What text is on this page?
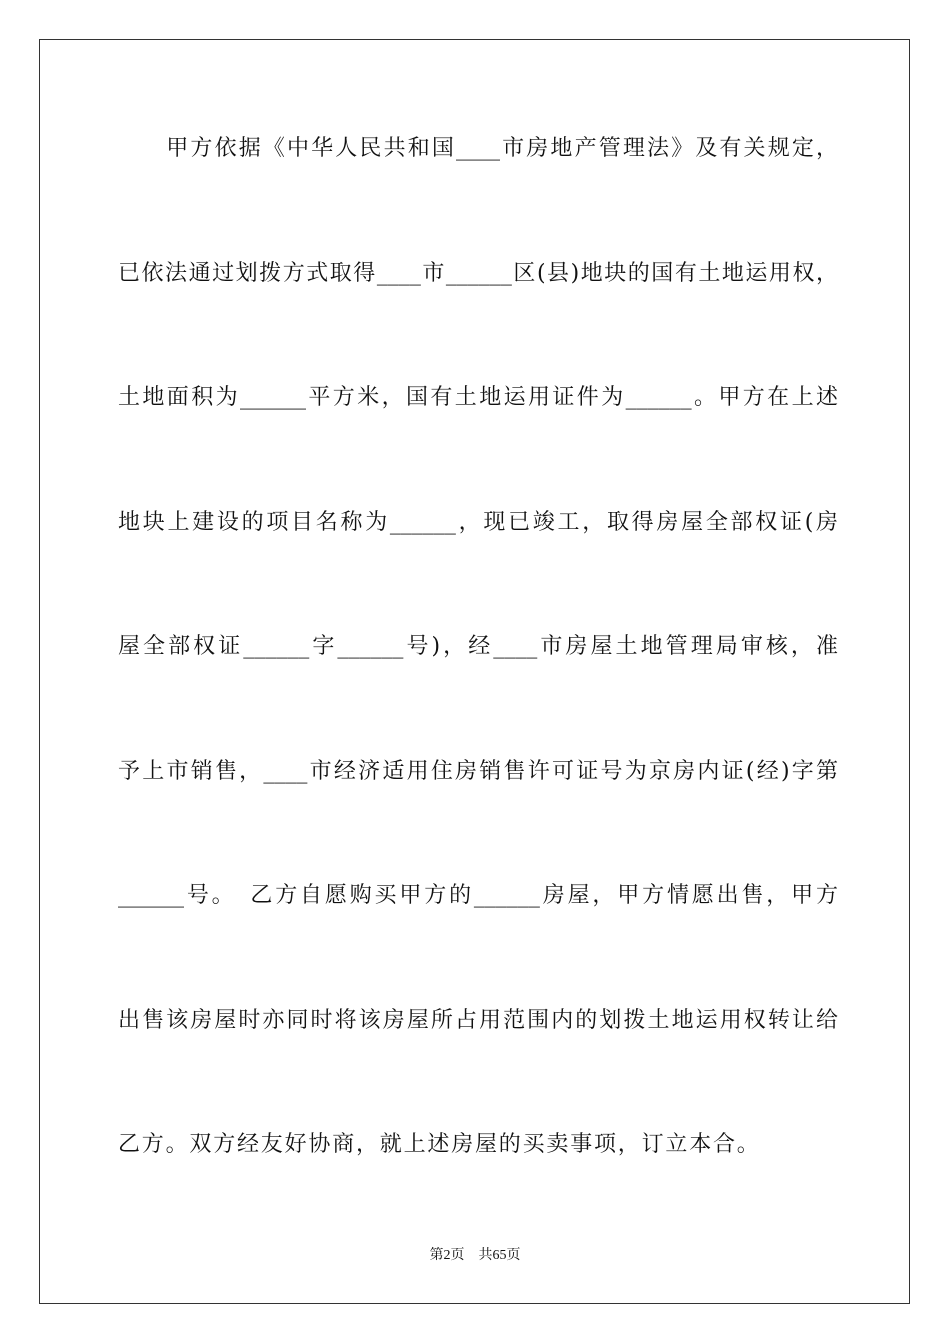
　　甲方依据《中华人民共和国____市房地产管理法》及有关规定，
已依法通过划拨方式取得____市______区(县)地块的国有土地运用权，
土地面积为______平方米，国有土地运用证件为______。甲方在上述
地块上建设的项目名称为______，现已竣工，取得房屋全部权证(房
屋全部权证______字______号)，经____市房屋土地管理局审核，准
予上市销售，____市经济适用住房销售许可证号为京房内证(经)字第
______号。　乙方自愿购买甲方的______房屋，甲方情愿出售，甲方
出售该房屋时亦同时将该房屋所占用范围内的划拨土地运用权转让给
乙方。双方经友好协商，就上述房屋的买卖事项，订立本合。
第2页　共65页
